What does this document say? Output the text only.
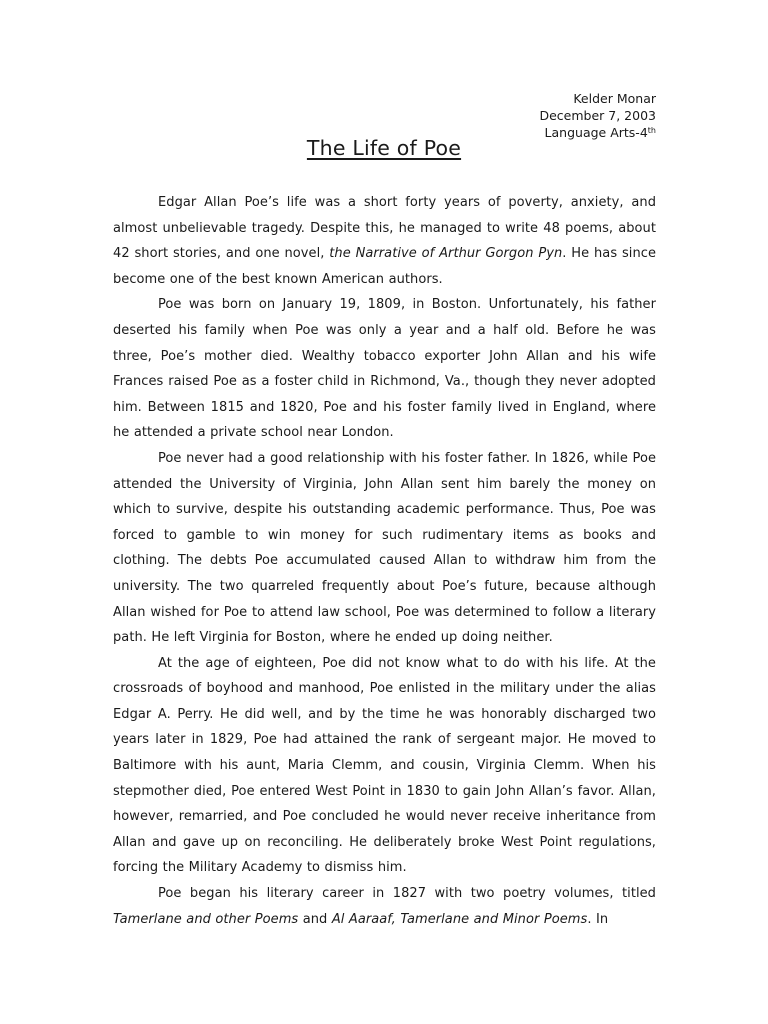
Kelder Monar
December 7, 2003
Language Arts-4th
The Life of Poe

Edgar Allan Poe’s life was a short forty years of poverty, anxiety, and almost unbelievable tragedy. Despite this, he managed to write 48 poems, about 42 short stories, and one novel, the Narrative of Arthur Gorgon Pyn. He has since become one of the best known American authors.

Poe was born on January 19, 1809, in Boston. Unfortunately, his father deserted his family when Poe was only a year and a half old. Before he was three, Poe’s mother died. Wealthy tobacco exporter John Allan and his wife Frances raised Poe as a foster child in Richmond, Va., though they never adopted him. Between 1815 and 1820, Poe and his foster family lived in England, where he attended a private school near London.

Poe never had a good relationship with his foster father. In 1826, while Poe attended the University of Virginia, John Allan sent him barely the money on which to survive, despite his outstanding academic performance. Thus, Poe was forced to gamble to win money for such rudimentary items as books and clothing. The debts Poe accumulated caused Allan to withdraw him from the university. The two quarreled frequently about Poe’s future, because although Allan wished for Poe to attend law school, Poe was determined to follow a literary path. He left Virginia for Boston, where he ended up doing neither.

At the age of eighteen, Poe did not know what to do with his life. At the crossroads of boyhood and manhood, Poe enlisted in the military under the alias Edgar A. Perry. He did well, and by the time he was honorably discharged two years later in 1829, Poe had attained the rank of sergeant major. He moved to Baltimore with his aunt, Maria Clemm, and cousin, Virginia Clemm. When his stepmother died, Poe entered West Point in 1830 to gain John Allan’s favor. Allan, however, remarried, and Poe concluded he would never receive inheritance from Allan and gave up on reconciling. He deliberately broke West Point regulations, forcing the Military Academy to dismiss him.

Poe began his literary career in 1827 with two poetry volumes, titled Tamerlane and other Poems and Al Aaraaf, Tamerlane and Minor Poems. In
